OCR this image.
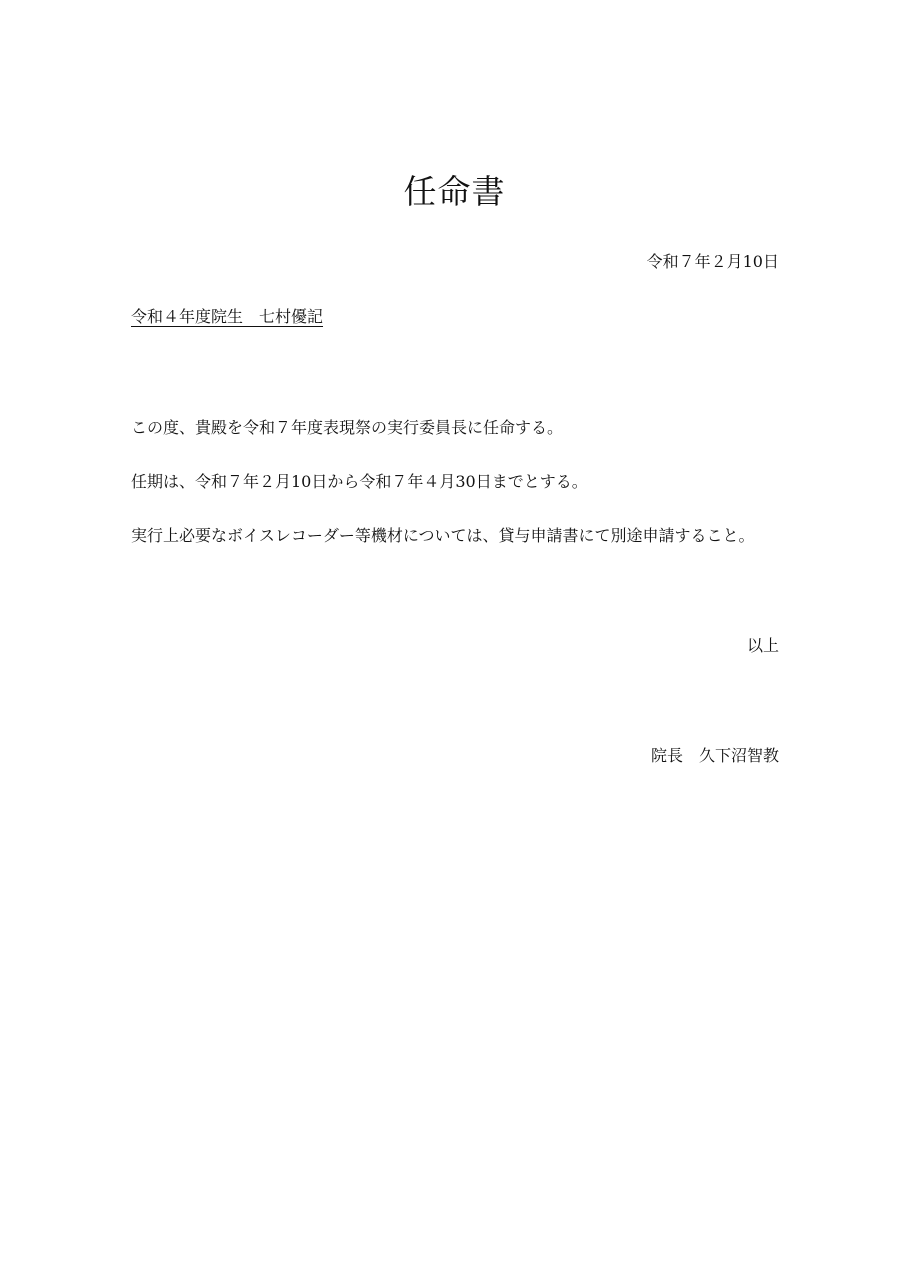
任命書
令和７年２月10日
令和４年度院生　七村優記
この度、貴殿を令和７年度表現祭の実行委員長に任命する。
任期は、令和７年２月10日から令和７年４月30日までとする。
実行上必要なボイスレコーダー等機材については、貸与申請書にて別途申請すること。
以上
院長　久下沼智教
